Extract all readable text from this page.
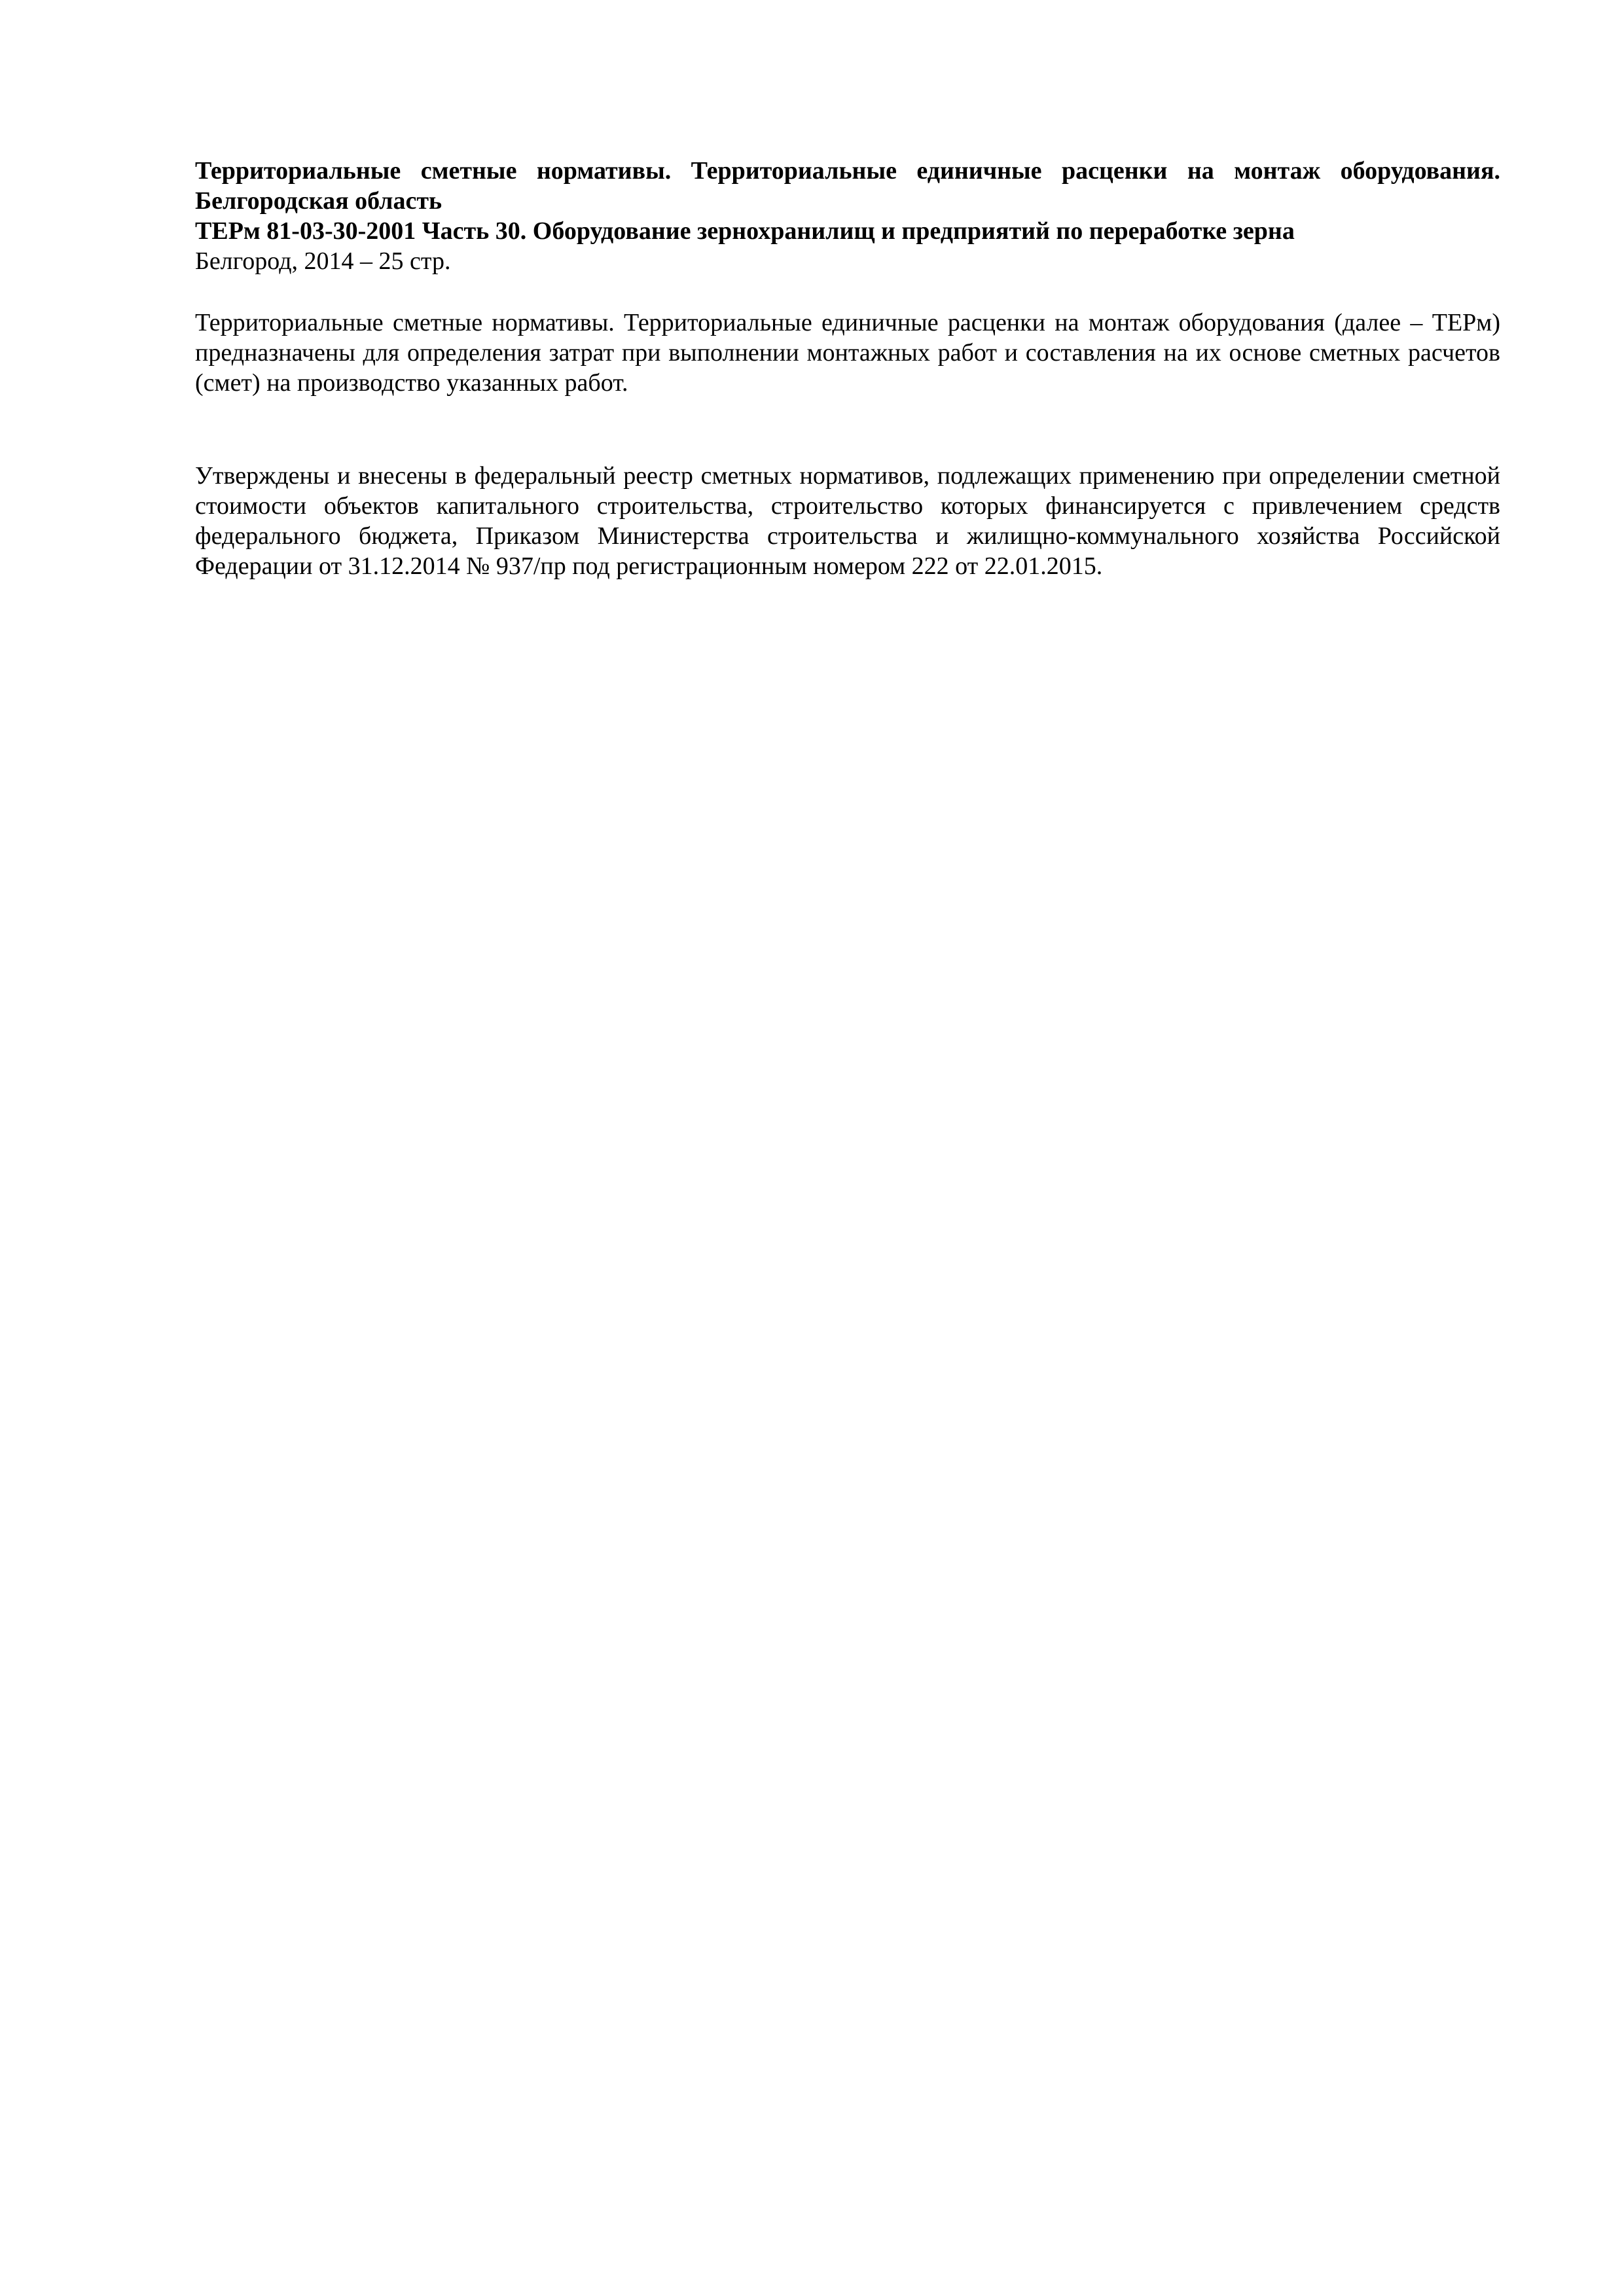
Территориальные сметные нормативы. Территориальные единичные расценки на монтаж оборудования. Белгородская область

ТЕРм 81-03-30-2001 Часть 30. Оборудование зернохранилищ и предприятий по переработке зерна

Белгород, 2014 – 25 стр.

Территориальные сметные нормативы. Территориальные единичные расценки на монтаж оборудования (далее – ТЕРм) предназначены для определения затрат при выполнении монтажных работ и составления на их основе сметных расчетов (смет) на производство указанных работ.

Утверждены и внесены в федеральный реестр сметных нормативов, подлежащих применению при определении сметной стоимости объектов капитального строительства, строительство которых финансируется с привлечением средств федерального бюджета, Приказом Министерства строительства и жилищно-коммунального хозяйства Российской Федерации от 31.12.2014 № 937/пр под регистрационным номером 222 от 22.01.2015.
